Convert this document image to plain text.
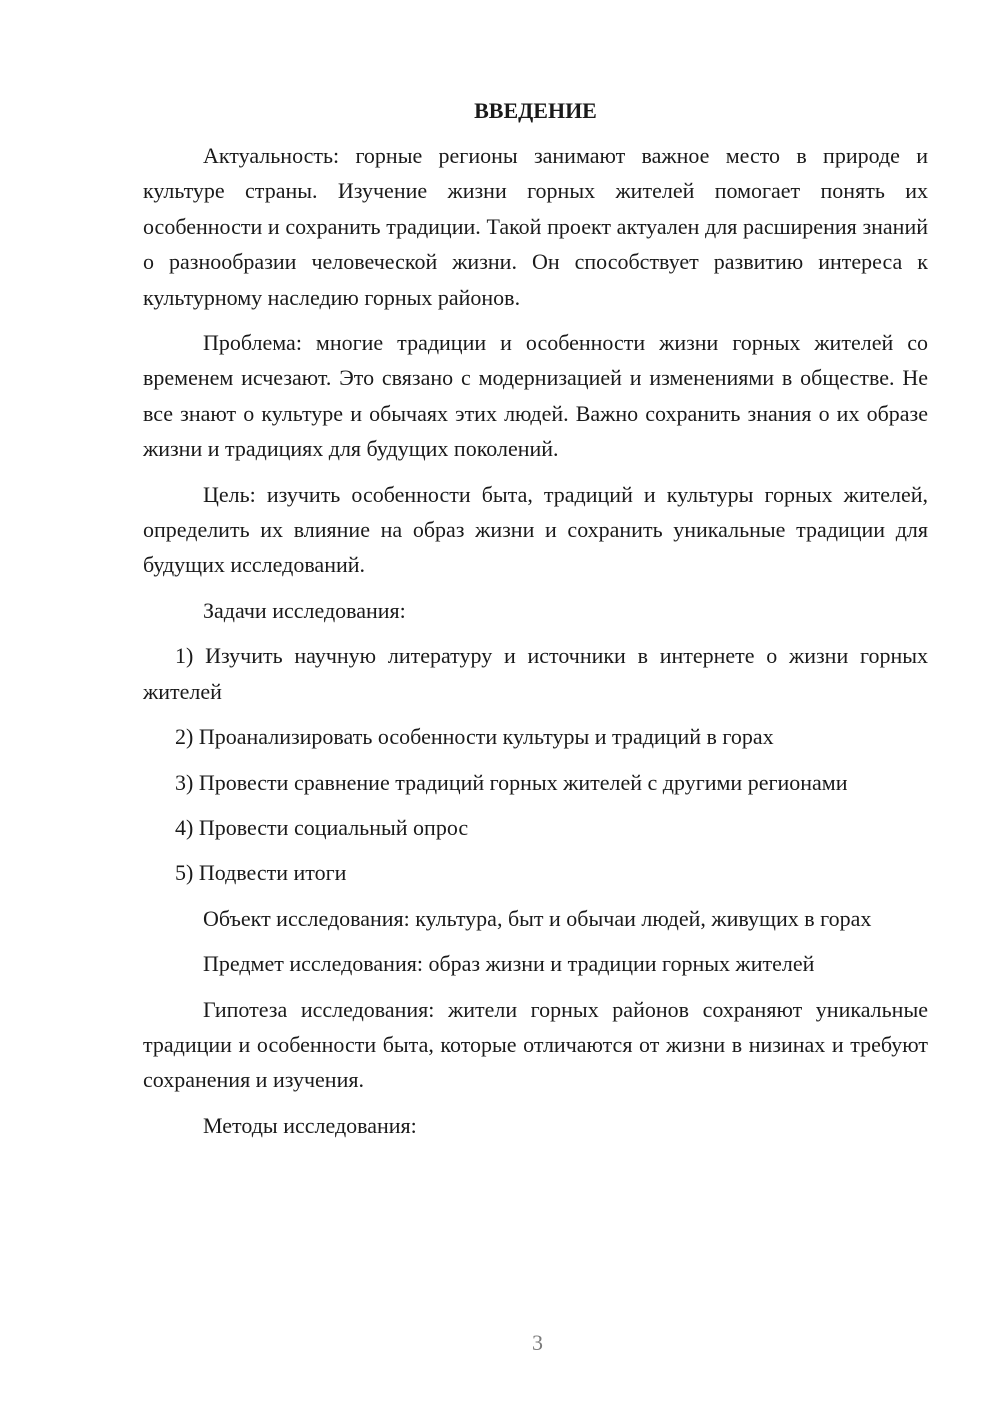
ВВЕДЕНИЕ

Актуальность: горные регионы занимают важное место в природе и культуре страны. Изучение жизни горных жителей помогает понять их особенности и сохранить традиции. Такой проект актуален для расширения знаний о разнообразии человеческой жизни. Он способствует развитию интереса к культурному наследию горных районов.

Проблема: многие традиции и особенности жизни горных жителей со временем исчезают. Это связано с модернизацией и изменениями в обществе. Не все знают о культуре и обычаях этих людей. Важно сохранить знания о их образе жизни и традициях для будущих поколений.

Цель: изучить особенности быта, традиций и культуры горных жителей, определить их влияние на образ жизни и сохранить уникальные традиции для будущих исследований.

Задачи исследования:

1) Изучить научную литературу и источники в интернете о жизни горных жителей

2) Проанализировать особенности культуры и традиций в горах

3) Провести сравнение традиций горных жителей с другими регионами

4) Провести социальный опрос

5) Подвести итоги

Объект исследования: культура, быт и обычаи людей, живущих в горах

Предмет исследования: образ жизни и традиции горных жителей

Гипотеза исследования: жители горных районов сохраняют уникальные традиции и особенности быта, которые отличаются от жизни в низинах и требуют сохранения и изучения.

Методы исследования:

3
